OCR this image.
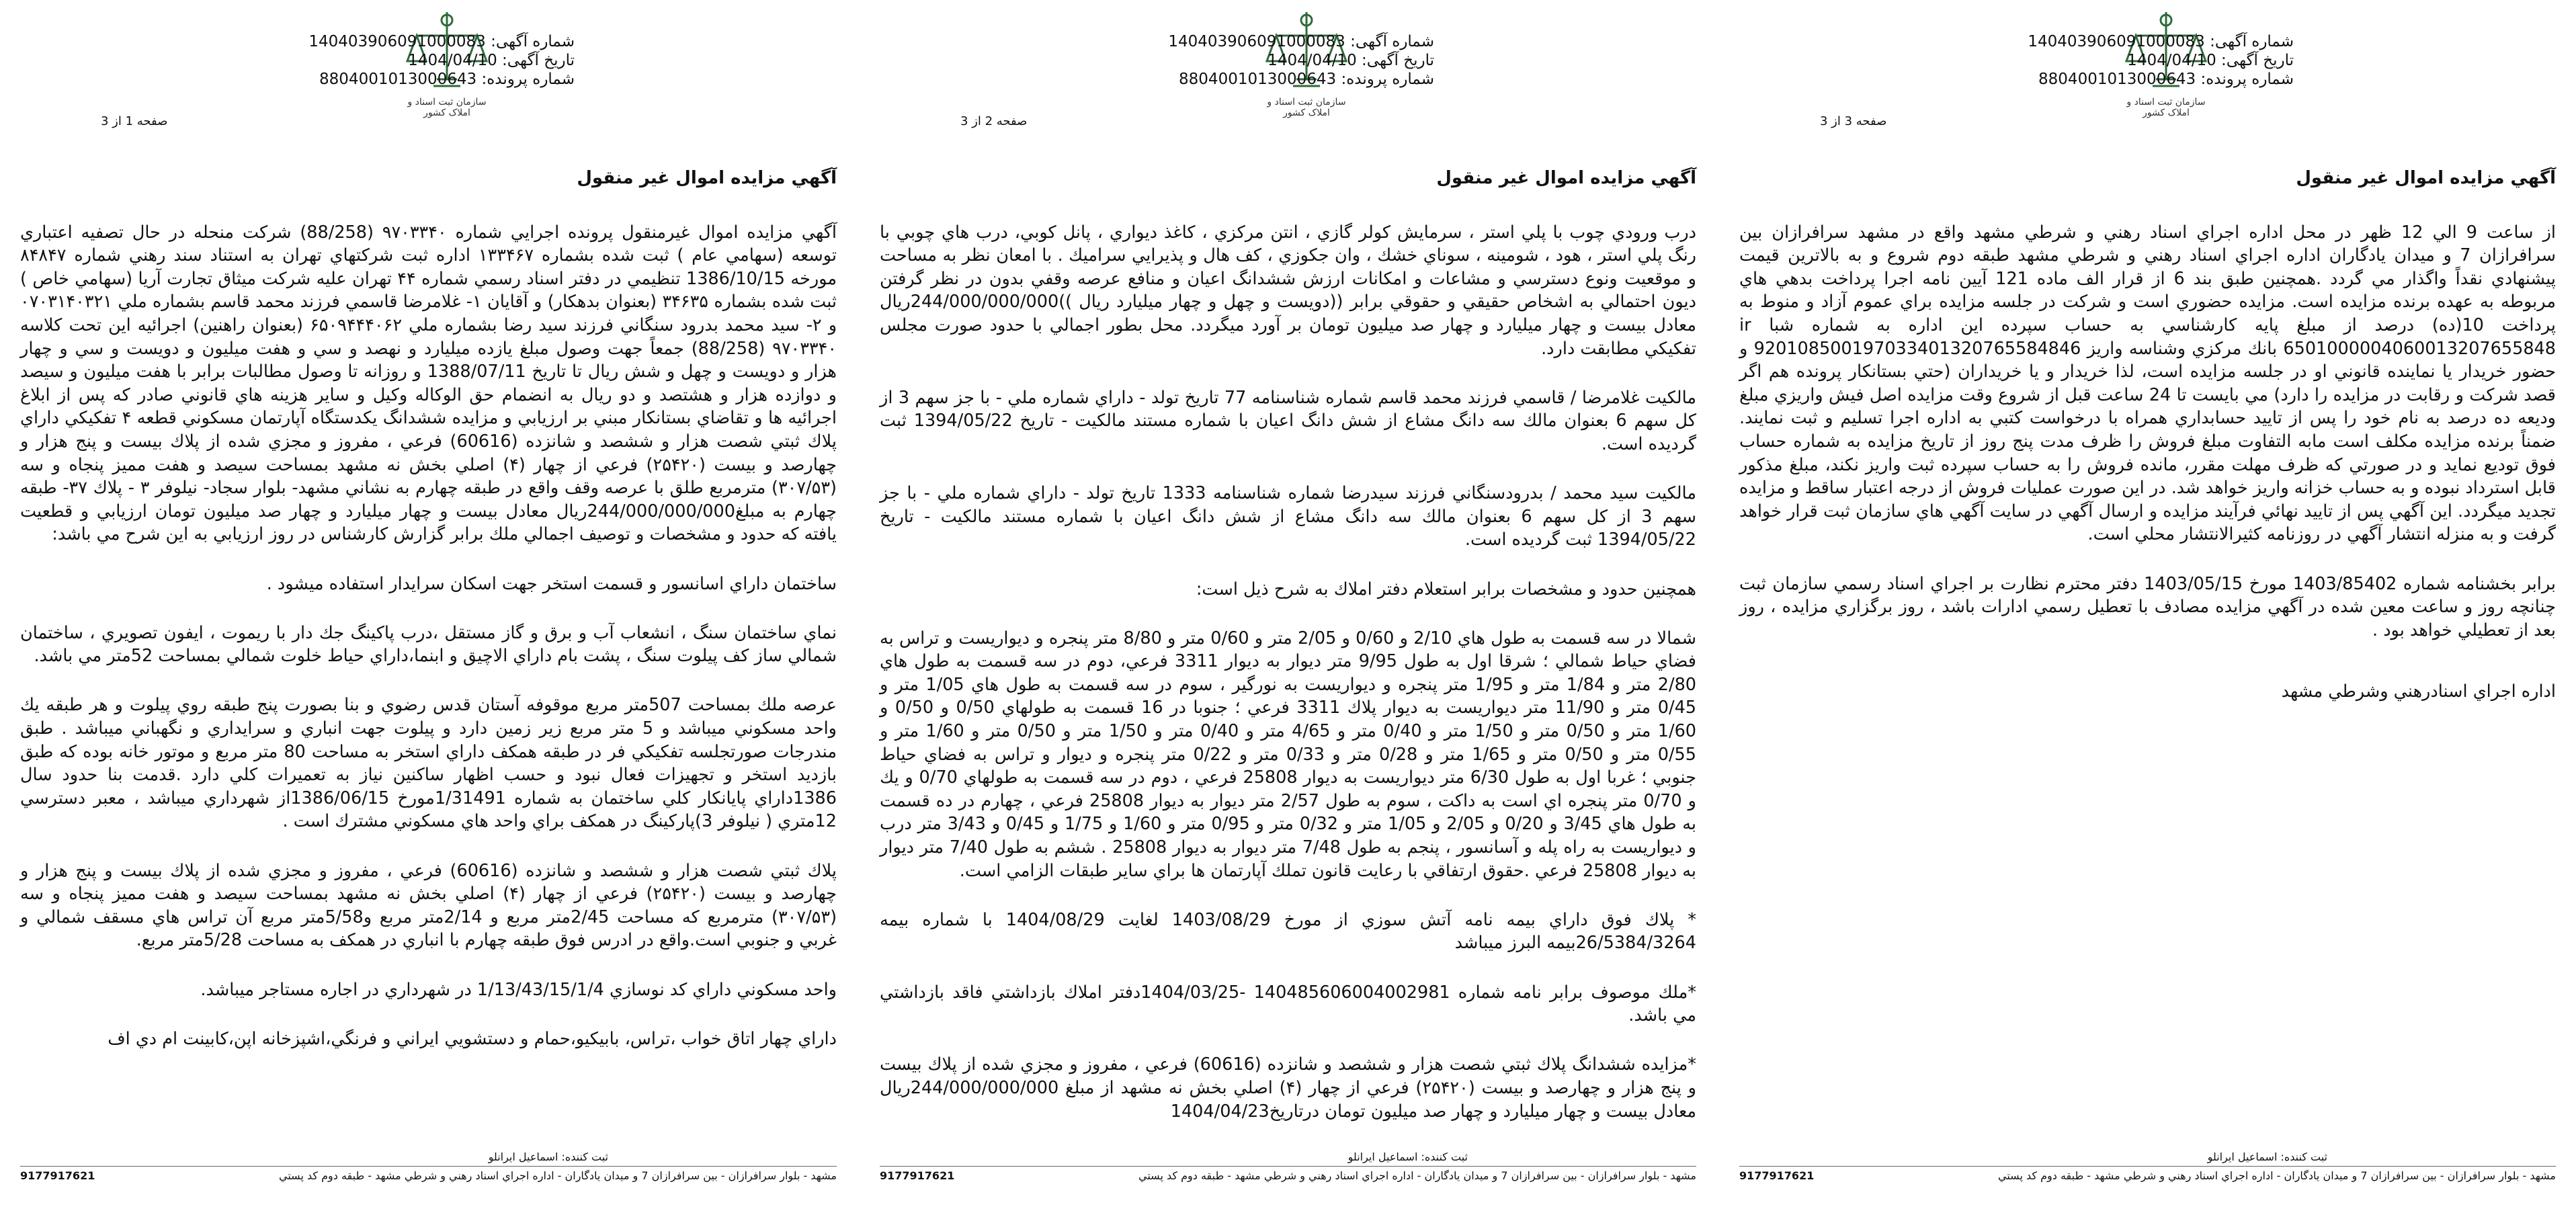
سازمان ثبت اسناد و املاک کشور
شماره آگهی: 140403906091000083
تاریخ آگهی: 1404/04/10
شماره پرونده: 8804001013000643
صفحه 1 از 3
آگهي مزايده اموال غير منقول

آگهي مزايده اموال غيرمنقول پرونده اجرايي شماره ۹۷۰۳۳۴۰ (88/258) شركت منحله در حال تصفيه اعتباري توسعه (سهامي عام ) ثبت شده بشماره ۱۳۳۴۶۷ اداره ثبت شركتهاي تهران به استناد سند رهني شماره ۸۴۸۴۷ مورخه 1386/10/15 تنظيمي در دفتر اسناد رسمي شماره ۴۴ تهران عليه شركت ميثاق تجارت آريا (سهامي خاص ) ثبت شده بشماره ۳۴۶۳۵ (بعنوان بدهكار) و آقايان ۱- غلامرضا قاسمي فرزند محمد قاسم بشماره ملي ۰۷۰۳۱۴۰۳۲۱ و ۲- سيد محمد بدرود سنگاني فرزند سيد رضا بشماره ملي ۶۵۰۹۴۴۴۰۶۲ (بعنوان راهنين) اجرائيه اين تحت كلاسه ۹۷۰۳۳۴۰ (88/258) جمعاً جهت وصول مبلغ يازده ميليارد و نهصد و سي و هفت ميليون و دويست و سي و چهار هزار و دويست و چهل و شش ريال تا تاريخ 1388/07/11 و روزانه تا وصول مطالبات برابر با هفت ميليون و سيصد و دوازده هزار و هشتصد و دو ريال به انضمام حق الوكاله وكيل و ساير هزينه هاي قانوني صادر كه پس از ابلاغ اجرائيه ها و تقاضاي بستانكار مبني بر ارزيابي و مزايده ششدانگ يكدستگاه آپارتمان مسكوني قطعه ۴ تفكيكي داراي پلاك ثبتي شصت هزار و ششصد و شانزده (60616) فرعي ، مفروز و مجزي شده از پلاك بيست و پنج هزار و چهارصد و بيست (۲۵۴۲۰) فرعي از چهار (۴) اصلي بخش نه مشهد بمساحت سيصد و هفت مميز پنجاه و سه (۳۰۷/۵۳) مترمربع طلق با عرصه وقف واقع در طبقه چهارم به نشاني مشهد- بلوار سجاد- نيلوفر ۳ - پلاك ۳۷- طبقه چهارم به مبلغ244/000/000/000ريال معادل بيست و چهار ميليارد و چهار صد ميليون تومان ارزيابي و قطعيت يافته كه حدود و مشخصات و توصيف اجمالي ملك برابر گزارش كارشناس در روز ارزيابي به اين شرح مي باشد:

ساختمان داراي اسانسور و قسمت استخر جهت اسكان سرايدار استفاده ميشود .

نماي ساختمان سنگ ، انشعاب آب و برق و گاز مستقل ،درب پاكينگ جك دار با ريموت ، ايفون تصويري ، ساختمان شمالي ساز كف پيلوت سنگ ، پشت بام داراي الاچيق و ابنما،داراي حياط خلوت شمالي بمساحت 52متر مي باشد.

عرصه ملك بمساحت 507متر مربع موقوفه آستان قدس رضوي و بنا بصورت پنج طبقه روي پيلوت و هر طبقه يك واحد مسكوني ميباشد و 5 متر مربع زير زمين دارد و پيلوت جهت انباري و سرايداري و نگهباني ميباشد . طبق مندرجات صورتجلسه تفكيكي فر در طبقه همكف داراي استخر به مساحت 80 متر مربع و موتور خانه بوده كه طبق بازديد استخر و تجهيزات فعال نبود و حسب اظهار ساكنين نياز به تعميرات كلي دارد .قدمت بنا حدود سال 1386داراي پايانكار كلي ساختمان به شماره 1/31491مورخ 1386/06/15از شهرداري ميباشد ، معبر دسترسي 12متري ( نيلوفر 3)پاركينگ در همكف براي واحد هاي مسكوني مشترك است .

پلاك ثبتي شصت هزار و ششصد و شانزده (60616) فرعي ، مفروز و مجزي شده از پلاك بيست و پنج هزار و چهارصد و بيست (۲۵۴۲۰) فرعي از چهار (۴) اصلي بخش نه مشهد بمساحت سيصد و هفت مميز پنجاه و سه (۳۰۷/۵۳) مترمربع كه مساحت 2/45متر مربع و 2/14متر مربع و5/58متر مربع آن تراس هاي مسقف شمالي و غربي و جنوبي است.واقع در ادرس فوق طبقه چهارم با انباري در همكف به مساحت 5/28متر مربع.

واحد مسكوني داراي كد نوسازي 1/13/43/15/1/4 در شهرداري در اجاره مستاجر ميباشد.

داراي چهار اتاق خواب ،تراس، بابيكيو،حمام و دستشويي ايراني و فرنگي،اشپزخانه اپن،كابينت ام دي اف

ثبت كننده: اسماعيل ايرانلو
مشهد - بلوار سرافرازان - بين سرافرازان 7 و ميدان يادگاران - اداره اجراي اسناد رهني و شرطي مشهد - طبقه دوم كد پستي
9177917621
سازمان ثبت اسناد و املاک کشور
شماره آگهی: 140403906091000083
تاریخ آگهی: 1404/04/10
شماره پرونده: 8804001013000643
صفحه 2 از 3
آگهي مزايده اموال غير منقول

درب ورودي چوب با پلي استر ، سرمايش كولر گازي ، انتن مركزي ، كاغذ ديواري ، پانل كوبي، درب هاي چوبي با رنگ پلي استر ، هود ، شومينه ، سوناي خشك ، وان جكوزي ، كف هال و پذيرايي سراميك . با امعان نظر به مساحت و موقعيت ونوع دسترسي و مشاعات و امكانات ارزش ششدانگ اعيان و منافع عرصه وقفي بدون در نظر گرفتن ديون احتمالي به اشخاص حقيقي و حقوقي برابر ((دويست و چهل و چهار ميليارد ريال ))244/000/000/000ريال معادل بيست و چهار ميليارد و چهار صد ميليون تومان بر آورد ميگردد. محل بطور اجمالي با حدود صورت مجلس تفكيكي مطابقت دارد.

مالكيت غلامرضا / قاسمي فرزند محمد قاسم شماره شناسنامه 77 تاريخ تولد - داراي شماره ملي - با جز سهم 3 از كل سهم 6 بعنوان مالك سه دانگ مشاع از شش دانگ اعيان با شماره مستند مالكيت - تاريخ 1394/05/22 ثبت گرديده است.

مالكيت سيد محمد / بدرودسنگاني فرزند سيدرضا شماره شناسنامه 1333 تاريخ تولد - داراي شماره ملي - با جز سهم 3 از كل سهم 6 بعنوان مالك سه دانگ مشاع از شش دانگ اعيان با شماره مستند مالكيت - تاريخ 1394/05/22 ثبت گرديده است.

همچنين حدود و مشخصات برابر استعلام دفتر املاك به شرح ذيل است:

شمالا در سه قسمت به طول هاي 2/10 و 0/60 و 2/05 متر و 0/60 متر و 8/80 متر پنجره و ديواريست و تراس به فضاي حياط شمالي ؛ شرقا اول به طول 9/95 متر ديوار به ديوار 3311 فرعي، دوم در سه قسمت به طول هاي 2/80 متر و 1/84 متر و 1/95 متر پنجره و ديواريست به نورگير ، سوم در سه قسمت به طول هاي 1/05 متر و 0/45 متر و 11/90 متر ديواريست به ديوار پلاك 3311 فرعي ؛ جنوبا در 16 قسمت به طولهاي 0/50 و 0/50 و 1/60 متر و 0/50 متر و 1/50 متر و 0/40 متر و 4/65 متر و 0/40 متر و 1/50 متر و 0/50 متر و 1/60 متر و 0/55 متر و 0/50 متر و 1/65 متر و 0/28 متر و 0/33 متر و 0/22 متر پنجره و ديوار و تراس به فضاي حياط جنوبي ؛ غربا اول به طول 6/30 متر ديواريست به ديوار 25808 فرعي ، دوم در سه قسمت به طولهاي 0/70 و يك و 0/70 متر پنجره اي است به داكت ، سوم به طول 2/57 متر ديوار به ديوار 25808 فرعي ، چهارم در ده قسمت به طول هاي 3/45 و 0/20 و 2/05 و 1/05 متر و 0/32 متر و 0/95 متر و 1/60 و 1/75 و 0/45 و 3/43 متر درب و ديواريست به راه پله و آسانسور ، پنجم به طول 7/48 متر ديوار به ديوار 25808 . ششم به طول 7/40 متر ديوار به ديوار 25808 فرعي .حقوق ارتفاقي با رعايت قانون تملك آپارتمان ها براي ساير طبقات الزامي است.

* پلاك فوق داراي بيمه نامه آتش سوزي از مورخ 1403/08/29 لغايت 1404/08/29 با شماره بيمه 26/5384/3264بيمه البرز ميباشد

*ملك موصوف برابر نامه شماره 140485606004002981 -1404/03/25دفتر املاك بازداشتي فاقد بازداشتي مي باشد.

*مزايده ششدانگ پلاك ثبتي شصت هزار و ششصد و شانزده (60616) فرعي ، مفروز و مجزي شده از پلاك بيست و پنج هزار و چهارصد و بيست (۲۵۴۲۰) فرعي از چهار (۴) اصلي بخش نه مشهد از مبلغ 244/000/000/000ريال معادل بيست و چهار ميليارد و چهار صد ميليون تومان درتاريخ1404/04/23

ثبت كننده: اسماعيل ايرانلو
مشهد - بلوار سرافرازان - بين سرافرازان 7 و ميدان يادگاران - اداره اجراي اسناد رهني و شرطي مشهد - طبقه دوم كد پستي
9177917621
سازمان ثبت اسناد و املاک کشور
شماره آگهی: 140403906091000083
تاریخ آگهی: 1404/04/10
شماره پرونده: 8804001013000643
صفحه 3 از 3
آگهي مزايده اموال غير منقول

از ساعت 9 الي 12 ظهر در محل اداره اجراي اسناد رهني و شرطي مشهد واقع در مشهد سرافرازان بين سرافرازان 7 و ميدان يادگاران اداره اجراي اسناد رهني و شرطي مشهد طبقه دوم شروع و به بالاترين قيمت پيشنهادي نقداً واگذار مي گردد .همچنين طبق بند 6 از قرار الف ماده 121 آيين نامه اجرا پرداخت بدهي هاي مربوطه به عهده برنده مزايده است. مزايده حضوري است و شركت در جلسه مزايده براي عموم آزاد و منوط به پرداخت 10(ده) درصد از مبلغ پايه كارشناسي به حساب سپرده اين اداره به شماره شبا ir 6501000004060013207655848 بانك مركزي وشناسه واريز 920108500197033401320765584846 و حضور خريدار يا نماينده قانوني او در جلسه مزايده است، لذا خريدار و يا خريداران (حتي بستانكار پرونده هم اگر قصد شركت و رقابت در مزايده را دارد) مي بايست تا 24 ساعت قبل از شروع وقت مزايده اصل فيش واريزي مبلغ وديعه ده درصد به نام خود را پس از تاييد حسابداري همراه با درخواست كتبي به اداره اجرا تسليم و ثبت نمايند. ضمناً برنده مزايده مكلف است مابه التفاوت مبلغ فروش را ظرف مدت پنج روز از تاريخ مزايده به شماره حساب فوق توديع نمايد و در صورتي كه ظرف مهلت مقرر، مانده فروش را به حساب سپرده ثبت واريز نكند، مبلغ مذكور قابل استرداد نبوده و به حساب خزانه واريز خواهد شد. در اين صورت عمليات فروش از درجه اعتبار ساقط و مزايده تجديد ميگردد. اين آگهي پس از تاييد نهائي فرآيند مزايده و ارسال آگهي در سايت آگهي هاي سازمان ثبت قرار خواهد گرفت و به منزله انتشار آگهي در روزنامه كثيرالانتشار محلي است.

برابر بخشنامه شماره 1403/85402 مورخ 1403/05/15 دفتر محترم نظارت بر اجراي اسناد رسمي سازمان ثبت چنانچه روز و ساعت معين شده در آگهي مزايده مصادف با تعطيل رسمي ادارات باشد ، روز برگزاري مزايده ، روز بعد از تعطيلي خواهد بود .

اداره اجراي اسنادرهني وشرطي مشهد
ثبت كننده: اسماعيل ايرانلو
مشهد - بلوار سرافرازان - بين سرافرازان 7 و ميدان يادگاران - اداره اجراي اسناد رهني و شرطي مشهد - طبقه دوم كد پستي
9177917621
